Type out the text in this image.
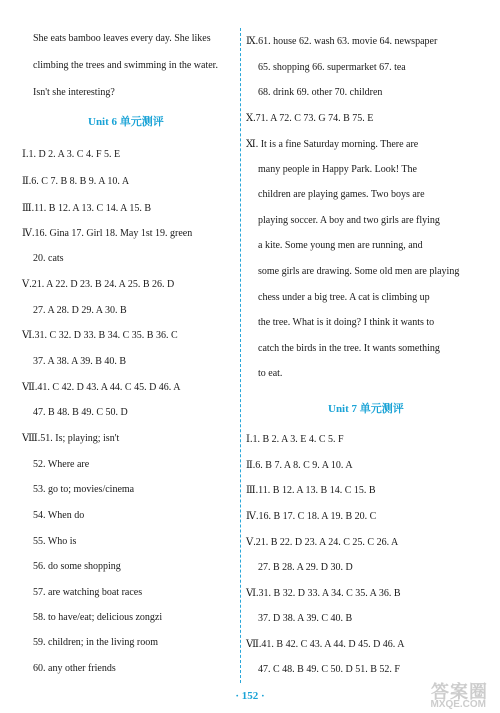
She eats bamboo leaves every day. She likes
climbing the trees and swimming in the water.
Isn't she interesting?
Unit 6 单元测评
Ⅰ.1. D 2. A 3. C 4. F 5. E
Ⅱ.6. C 7. B 8. B 9. A 10. A
Ⅲ.11. B 12. A 13. C 14. A 15. B
Ⅳ.16. Gina 17. Girl 18. May 1st 19. green
20. cats
Ⅴ.21. A 22. D 23. B 24. A 25. B 26. D
27. A 28. D 29. A 30. B
Ⅵ.31. C 32. D 33. B 34. C 35. B 36. C
37. A 38. A 39. B 40. B
Ⅶ.41. C 42. D 43. A 44. C 45. D 46. A
47. B 48. B 49. C 50. D
Ⅷ.51. Is; playing; isn't
52. Where are
53. go to; movies/cinema
54. When do
55. Who is
56. do some shopping
57. are watching boat races
58. to have/eat; delicious zongzi
59. children; in the living room
60. any other friends
Ⅸ.61. house 62. wash 63. movie 64. newspaper
65. shopping 66. supermarket 67. tea
68. drink 69. other 70. children
Ⅹ.71. A 72. C 73. G 74. B 75. E
Ⅺ. It is a fine Saturday morning. There are
many people in Happy Park. Look! The
children are playing games. Two boys are
playing soccer. A boy and two girls are flying
a kite. Some young men are running, and
some girls are drawing. Some old men are playing
chess under a big tree. A cat is climbing up
the tree. What is it doing? I think it wants to
catch the birds in the tree. It wants something
to eat.
Unit 7 单元测评
Ⅰ.1. B 2. A 3. E 4. C 5. F
Ⅱ.6. B 7. A 8. C 9. A 10. A
Ⅲ.11. B 12. A 13. B 14. C 15. B
Ⅳ.16. B 17. C 18. A 19. B 20. C
Ⅴ.21. B 22. D 23. A 24. C 25. C 26. A
27. B 28. A 29. D 30. D
Ⅵ.31. B 32. D 33. A 34. C 35. A 36. B
37. D 38. A 39. C 40. B
Ⅶ.41. B 42. C 43. A 44. D 45. D 46. A
47. C 48. B 49. C 50. D 51. B 52. F
· 152 ·	答案圈
MXQE.COM
